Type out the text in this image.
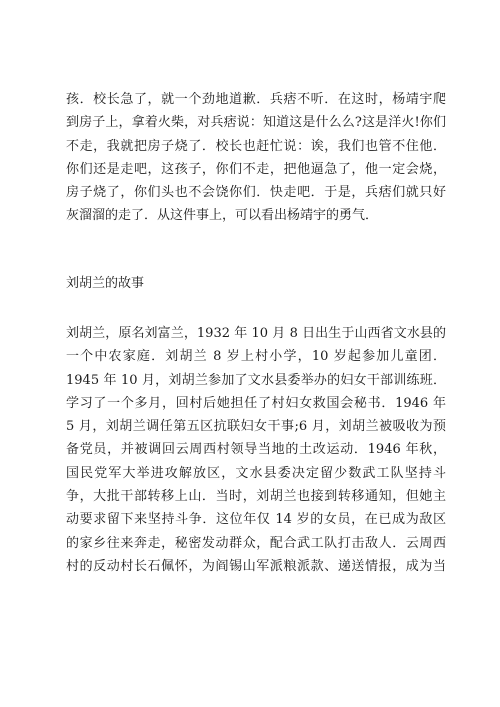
孩．校长急了，就一个劲地道歉．兵痞不听．在这时，杨靖宇爬
到房子上，拿着火柴，对兵痞说：知道这是什么么?这是洋火!你们
不走，我就把房子烧了．校长也赶忙说：诶，我们也管不住他．
你们还是走吧，这孩子，你们不走，把他逼急了，他一定会烧，
房子烧了，你们头也不会饶你们．快走吧．于是，兵痞们就只好
灰溜溜的走了．从这件事上，可以看出杨靖宇的勇气．

刘胡兰的故事

刘胡兰，原名刘富兰，1932 年 10 月 8 日出生于山西省文水县的
一个中农家庭．刘胡兰 8 岁上村小学，10 岁起参加儿童团．
1945 年 10 月，刘胡兰参加了文水县委举办的妇女干部训练班．
学习了一个多月，回村后她担任了村妇女救国会秘书．1946 年
5 月，刘胡兰调任第五区抗联妇女干事;6 月，刘胡兰被吸收为预
备党员，并被调回云周西村领导当地的土改运动．1946 年秋，
国民党军大举进攻解放区，文水县委决定留少数武工队坚持斗
争，大批干部转移上山．当时，刘胡兰也接到转移通知，但她主
动要求留下来坚持斗争．这位年仅 14 岁的女员，在已成为敌区
的家乡往来奔走，秘密发动群众，配合武工队打击敌人．云周西
村的反动村长石佩怀，为阎锡山军派粮派款、递送情报，成为当
